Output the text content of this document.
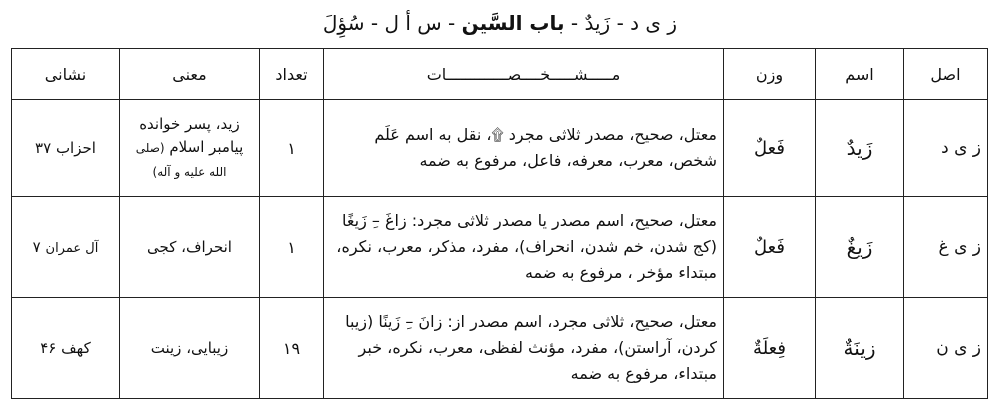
ز ی د - زَیدٌ - باب السَّین - س أ ل - سُؤِلَ
اصل	اسم	وزن	مـــــشـــــخــــصـــــــــــــات	تعداد	معنی	نشانی
ز ی د	زَیدٌ	فَعلٌ	معتل، صحیح، مصدر ثلاثی مجرد ۩، نقل به اسم عَلَم شخص، معرب، معرفه، فاعل، مرفوع به ضمه	۱	زید، پسر خوانده پیامبر اسلام (صلی الله علیه و آله)	احزاب ۳۷
ز ی غ	زَیغٌ	فَعلٌ	معتل، صحیح، اسم مصدر یا مصدر ثلاثی مجرد: زاغَ –ِ زَیغًا (کج شدن، خم شدن، انحراف)، مفرد، مذکر، معرب، نکره، مبتداء مؤخر ، مرفوع به ضمه	۱	انحراف، کجی	آل عمران ۷
ز ی ن	زینَةٌ	فِعلَةٌ	معتل، صحیح، ثلاثی مجرد، اسم مصدر از: زانَ –ِ زَینًا (زیبا کردن، آراستن)، مفرد، مؤنث لفظی، معرب، نکره، خبر مبتداء، مرفوع به ضمه	۱۹	زیبایی، زینت	کهف ۴۶
